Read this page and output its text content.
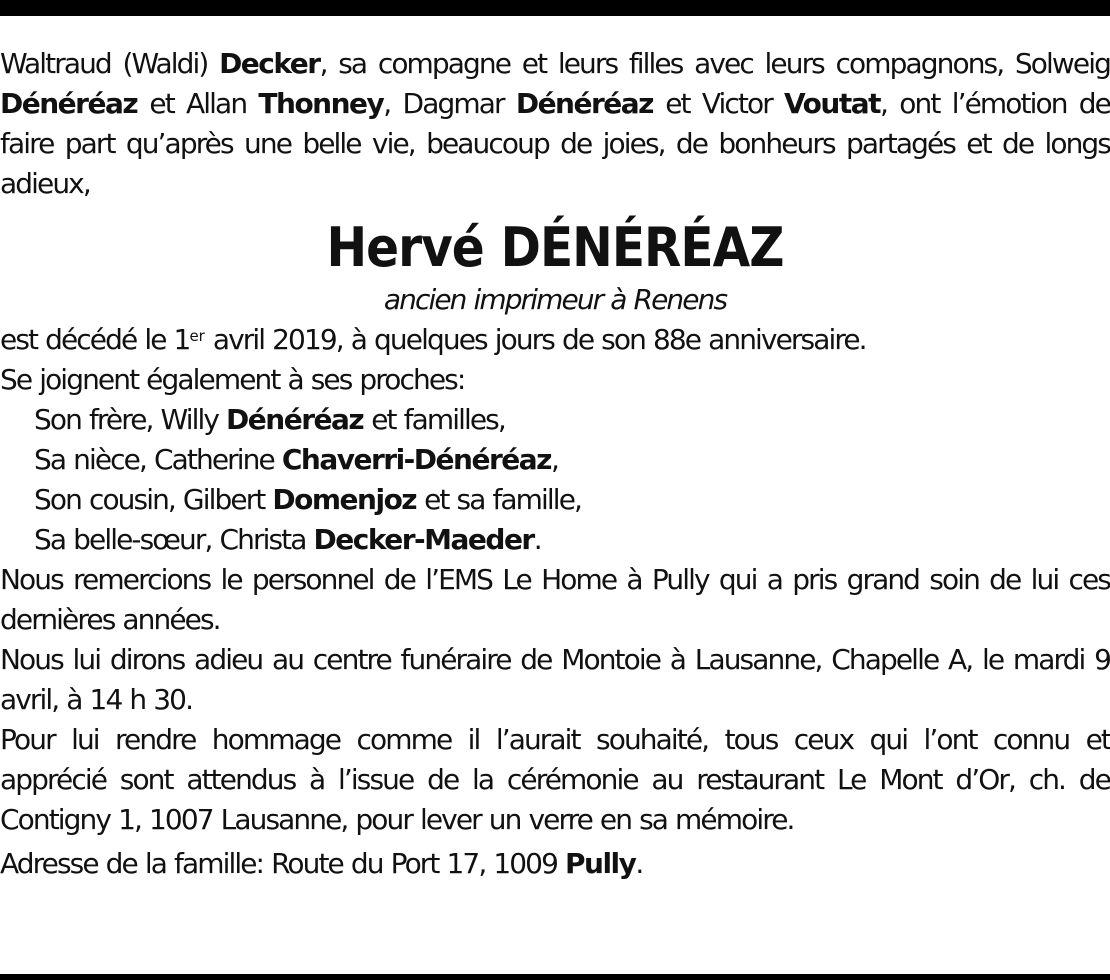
Waltraud (Waldi) Decker, sa compagne et leurs filles avec leurs compagnons, Solweig Dénéréaz et Allan Thonney, Dagmar Dénéréaz et Victor Voutat, ont l’émotion de faire part qu’après une belle vie, beaucoup de joies, de bonheurs partagés et de longs adieux,

Hervé DÉNÉRÉAZ
ancien imprimeur à Renens

est décédé le 1er avril 2019, à quelques jours de son 88e anniversaire.

Se joignent également à ses proches:

Son frère, Willy Dénéréaz et familles,

Sa nièce, Catherine Chaverri-Dénéréaz,

Son cousin, Gilbert Domenjoz et sa famille,

Sa belle-sœur, Christa Decker-Maeder.

Nous remercions le personnel de l’EMS Le Home à Pully qui a pris grand soin de lui ces dernières années.

Nous lui dirons adieu au centre funéraire de Montoie à Lausanne, Chapelle A, le mardi 9 avril, à 14 h 30.

Pour lui rendre hommage comme il l’aurait souhaité, tous ceux qui l’ont connu et apprécié sont attendus à l’issue de la cérémonie au restaurant Le Mont d’Or, ch. de Contigny 1, 1007 Lausanne, pour lever un verre en sa mémoire.

Adresse de la famille: Route du Port 17, 1009 Pully.
